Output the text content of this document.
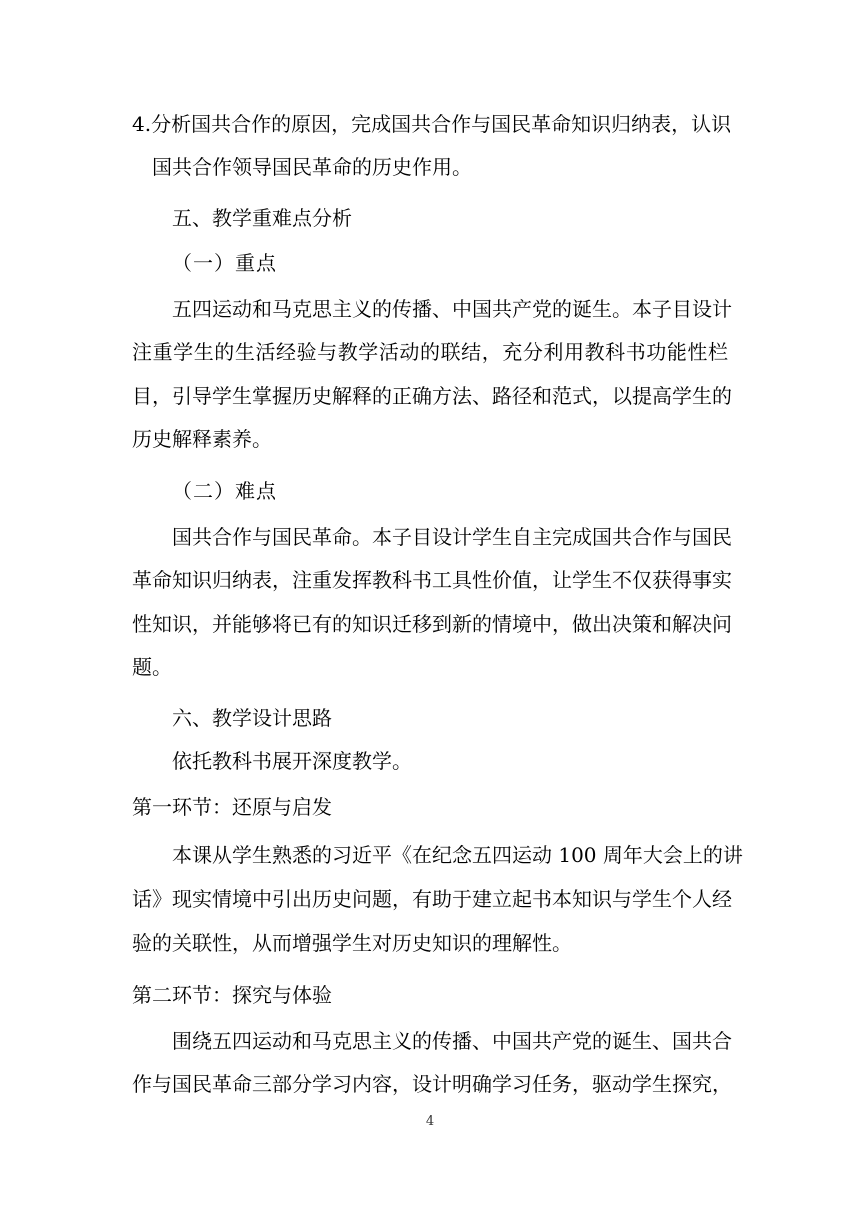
4.分析国共合作的原因，完成国共合作与国民革命知识归纳表，认识
国共合作领导国民革命的历史作用。
五、教学重难点分析
（一）重点
五四运动和马克思主义的传播、中国共产党的诞生。本子目设计
注重学生的生活经验与教学活动的联结，充分利用教科书功能性栏
目，引导学生掌握历史解释的正确方法、路径和范式，以提高学生的
历史解释素养。
（二）难点
国共合作与国民革命。本子目设计学生自主完成国共合作与国民
革命知识归纳表，注重发挥教科书工具性价值，让学生不仅获得事实
性知识，并能够将已有的知识迁移到新的情境中，做出决策和解决问
题。
六、教学设计思路
依托教科书展开深度教学。
第一环节：还原与启发
本课从学生熟悉的习近平《在纪念五四运动 100 周年大会上的讲
话》现实情境中引出历史问题，有助于建立起书本知识与学生个人经
验的关联性，从而增强学生对历史知识的理解性。
第二环节：探究与体验
围绕五四运动和马克思主义的传播、中国共产党的诞生、国共合
作与国民革命三部分学习内容，设计明确学习任务，驱动学生探究，
4
